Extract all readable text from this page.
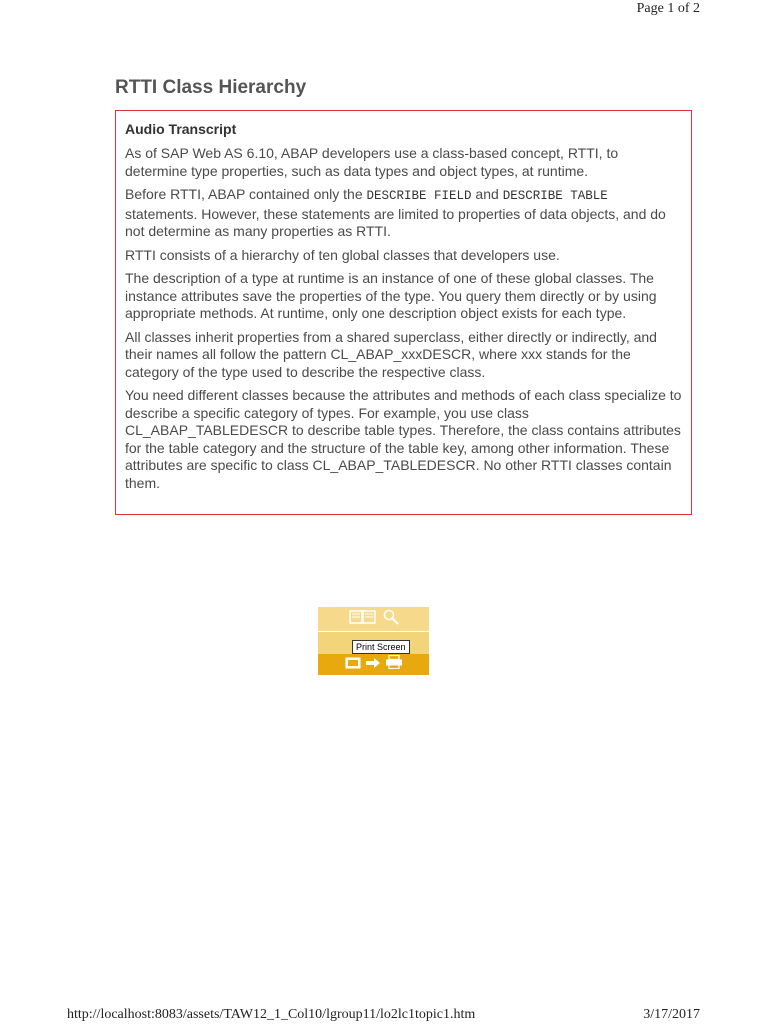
Page 1 of 2
RTTI Class Hierarchy
Audio Transcript

As of SAP Web AS 6.10, ABAP developers use a class-based concept, RTTI, to determine type properties, such as data types and object types, at runtime.

Before RTTI, ABAP contained only the DESCRIBE FIELD and DESCRIBE TABLE statements. However, these statements are limited to properties of data objects, and do not determine as many properties as RTTI.

RTTI consists of a hierarchy of ten global classes that developers use.

The description of a type at runtime is an instance of one of these global classes. The instance attributes save the properties of the type. You query them directly or by using appropriate methods. At runtime, only one description object exists for each type.

All classes inherit properties from a shared superclass, either directly or indirectly, and their names all follow the pattern CL_ABAP_xxxDESCR, where xxx stands for the category of the type used to describe the respective class.

You need different classes because the attributes and methods of each class specialize to describe a specific category of types. For example, you use class CL_ABAP_TABLEDESCR to describe table types. Therefore, the class contains attributes for the table category and the structure of the table key, among other information. These attributes are specific to class CL_ABAP_TABLEDESCR. No other RTTI classes contain them.

Print Screen
http://localhost:8083/assets/TAW12_1_Col10/lgroup11/lo2lc1topic1.htm	3/17/2017
